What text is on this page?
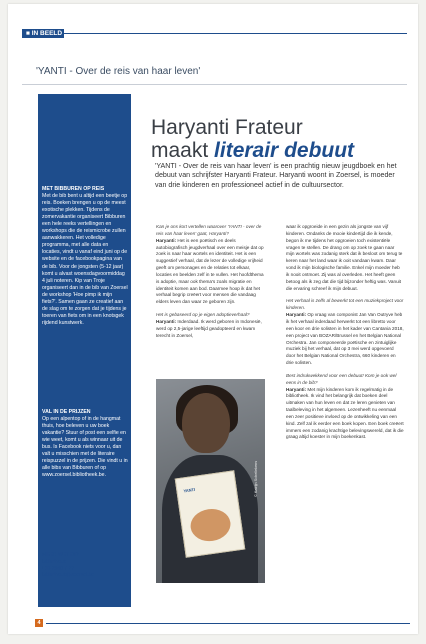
■ IN BEELD
'YANTI - Over de reis van haar leven'
MET BIBBUREN OP REIS

Met de bib bent u altijd een beetje op reis. Boeken brengen u op de meest exotische plekken. Tijdens de zomervakantie organiseert Bibburen een hele reeks vertellingen en workshops die de reismicrobe zullen aanwakkeren. Het volledige programma, met alle data en locaties, vindt u vanaf eind juni op de website en de facebookpagina van de bib. Voor de jongsten (5-12 jaar) komt u alvast woensdagvoormiddag 4 juli noteren. Kip van Troje organiseert dan in de bib van Zoersel de workshop 'Hoe pimp ik mijn fiets?'. Samen gaan ze creatief aan de slag om te zorgen dat je tijdens je toeren van fiets om in een knotsgek rijdend kunstwerk.

VAL IN DE PRIJZEN

Op een alpentop of in de hangmat thuis, hoe beleven u uw boek vakantie? Stuur of post een selfie en wie weet, komt u als winnaar uit de bus. Is Facebook niets voor u, dan valt u misschien met de literaire reispuzzel in de prijzen. Die vindt u in alle bibs van Bibburen of op www.zoersel.bibliotheek.be.

MEER WETEN?
bibliotheek
t 03 2980 7 22
bibliotheek@zoersel.be
Haryanti Frateur
maakt literair debuut
'YANTI - Over de reis van haar leven' is een prachtig nieuw jeugdboek en het debuut van schrijfster Haryanti Frateur. Haryanti woont in Zoersel, is moeder van drie kinderen en professioneel actief in de cultuursector.

Kan je ons kort vertellen waarover 'YANTI - over de reis van haar leven' gaat, Haryanti?
Haryanti: Het is een poëtisch en deels autobiografisch jeugdverhaal over een meisje dat op zoek is naar haar wortels en identiteit. Het is een suggestief verhaal, dat de lezer de volledige vrijheid geeft om personages en de relaties tot elkaar, locaties en beelden zelf in te vullen. Het hoofdthema is adoptie, maar ook thema's zoals migratie en identiteit komen aan bod. Daarmee hoop ik dat het verhaal begrip creëert voor mensen die vandaag elders leven dan waar ze geboren zijn.

Het is gebaseerd op je eigen adoptieverhaal?
Haryanti: Inderdaad. Ik werd geboren in Indonesië, werd op 2,5-jarige leeftijd geadopteerd en kwam terecht in Zoersel,

waar ik opgroeide in een gezin als jongste van vijf kinderen. Ondanks de mooie kindertijd die ik kende, begon ik me tijdens het opgroeien toch existentiële vragen te stellen. De drang om op zoek te gaan naar mijn wortels was zodanig sterk dat ik besloot om terug te keren naar het land waar ik ooit vandaan kwam. Daar vond ik mijn biologische familie. Enkel mijn moeder heb ik nooit ontmoet. Zij was al overleden. Het heeft geen betoog als ik zeg dat die tijd bijzonder heftig was. Vanuit die ervaring schreef ik mijn debuut.

Het verhaal is zelfs al bewerkt tot een muziekproject voor kinderen.
Haryanti: Op vraag van componist Jan Van Outryve heb ik het verhaal inderdaad herwerkt tot een libretto voor een koor en drie solisten in het kader van Cantania 2018, een project van BOZAR/Brussel en het Belgian National Orchestra. Jan componeerde poëtische en zintuiglijke muziek bij het verhaal, dat op 3 mei werd opgevoerd door het Belgian National Orchestra, 660 kinderen en drie solisten.

Best indrukwekkend voor een debuut! Kom je ook wel eens in de bib?
Haryanti: Met mijn kinderen kom ik regelmatig in de bibliotheek. Ik vind het belangrijk dat boeken deel uitmaken van hun leven en dat ze leren genieten van taalbeleving in het algemeen. Lezenheeft nu eenmaal een zeer positieve invloed op de ontwikkeling van een kind. Zelf zal ik eerder een boek kopen. Een boek creëert immers een zodanig krachtige belevingswereld, dat ik die graag altijd koester in mijn boekenkast.

YANTI	© Katrijn Schellekens
4
